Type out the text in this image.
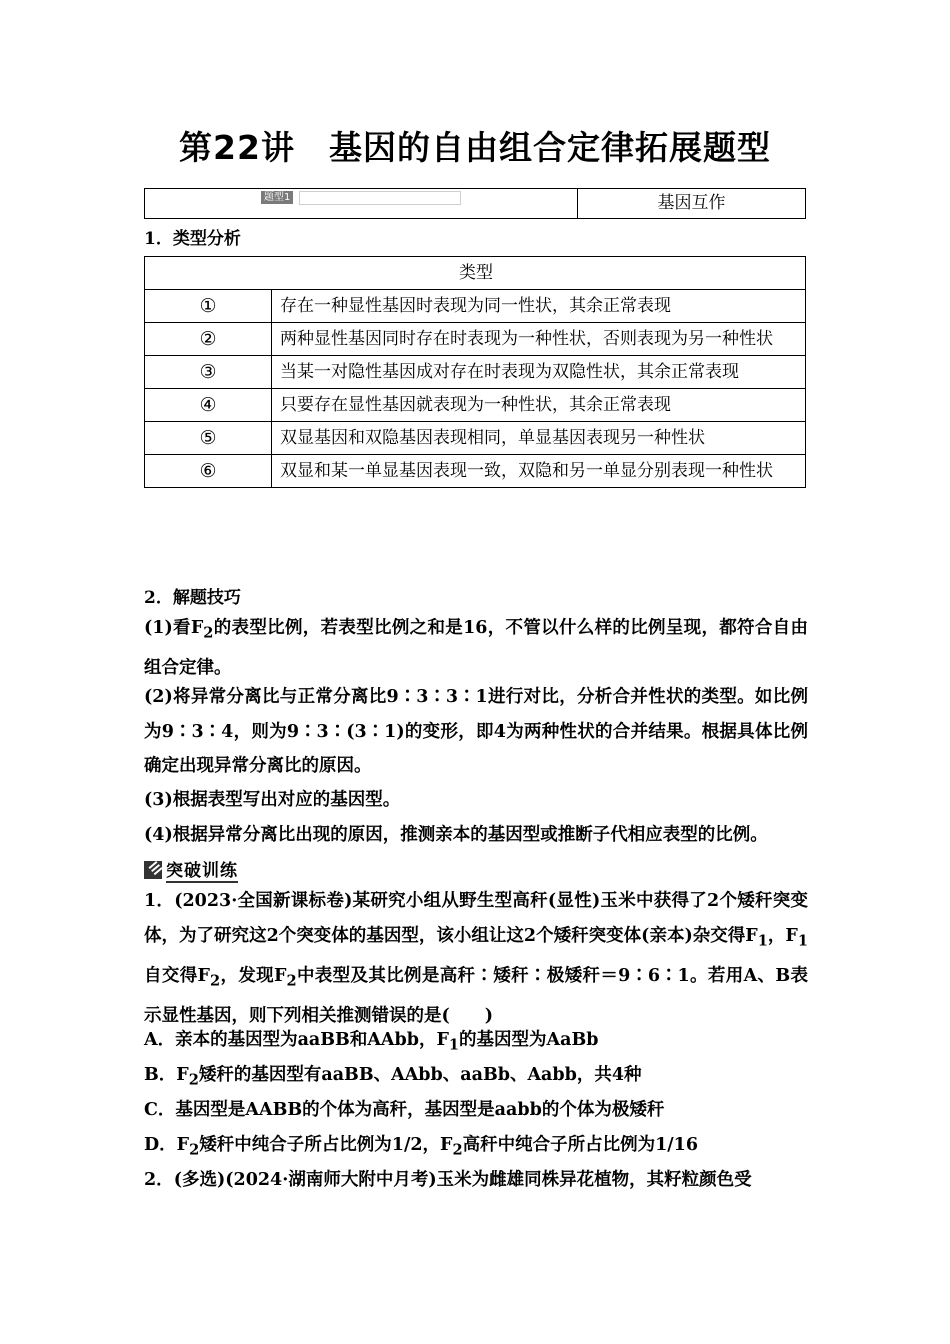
第22讲　基因的自由组合定律拓展题型
题型1	基因互作
1．类型分析
类型	
①	存在一种显性基因时表现为同一性状，其余正常表现
②	两种显性基因同时存在时表现为一种性状，否则表现为另一种性状
③	当某一对隐性基因成对存在时表现为双隐性状，其余正常表现
④	只要存在显性基因就表现为一种性状，其余正常表现
⑤	双显基因和双隐基因表现相同，单显基因表现另一种性状
⑥	双显和某一单显基因表现一致，双隐和另一单显分别表现一种性状
2．解题技巧
(1)看$F_2$的表型比例，若表型比例之和是16，不管以什么样的比例呈现，都符合自由组合定律。
(2)将异常分离比与正常分离比9∶3∶3∶1进行对比，分析合并性状的类型。如比例为9∶3∶4，则为9∶3∶(3∶1)的变形，即4为两种性状的合并结果。根据具体比例确定出现异常分离比的原因。
(3)根据表型写出对应的基因型。
(4)根据异常分离比出现的原因，推测亲本的基因型或推断子代相应表型的比例。
突破训练
1．(2023·全国新课标卷)某研究小组从野生型高秆(显性)玉米中获得了2个矮秆突变体，为了研究这2个突变体的基因型，该小组让这2个矮秆突变体(亲本)杂交得$F_1$，$F_1$自交得$F_2$，发现$F_2$中表型及其比例是高秆∶矮秆∶极矮秆＝9∶6∶1。若用A、B表示显性基因，则下列相关推测错误的是(　　)
A．亲本的基因型为aaBB和AAbb，$F_1$的基因型为AaBb
B．$F_2$矮秆的基因型有aaBB、AAbb、aaBb、Aabb，共4种
C．基因型是AABB的个体为高秆，基因型是aabb的个体为极矮秆
D．$F_2$矮秆中纯合子所占比例为1/2，$F_2$高秆中纯合子所占比例为1/16
2．(多选)(2024·湖南师大附中月考)玉米为雌雄同株异花植物，其籽粒颜色受
